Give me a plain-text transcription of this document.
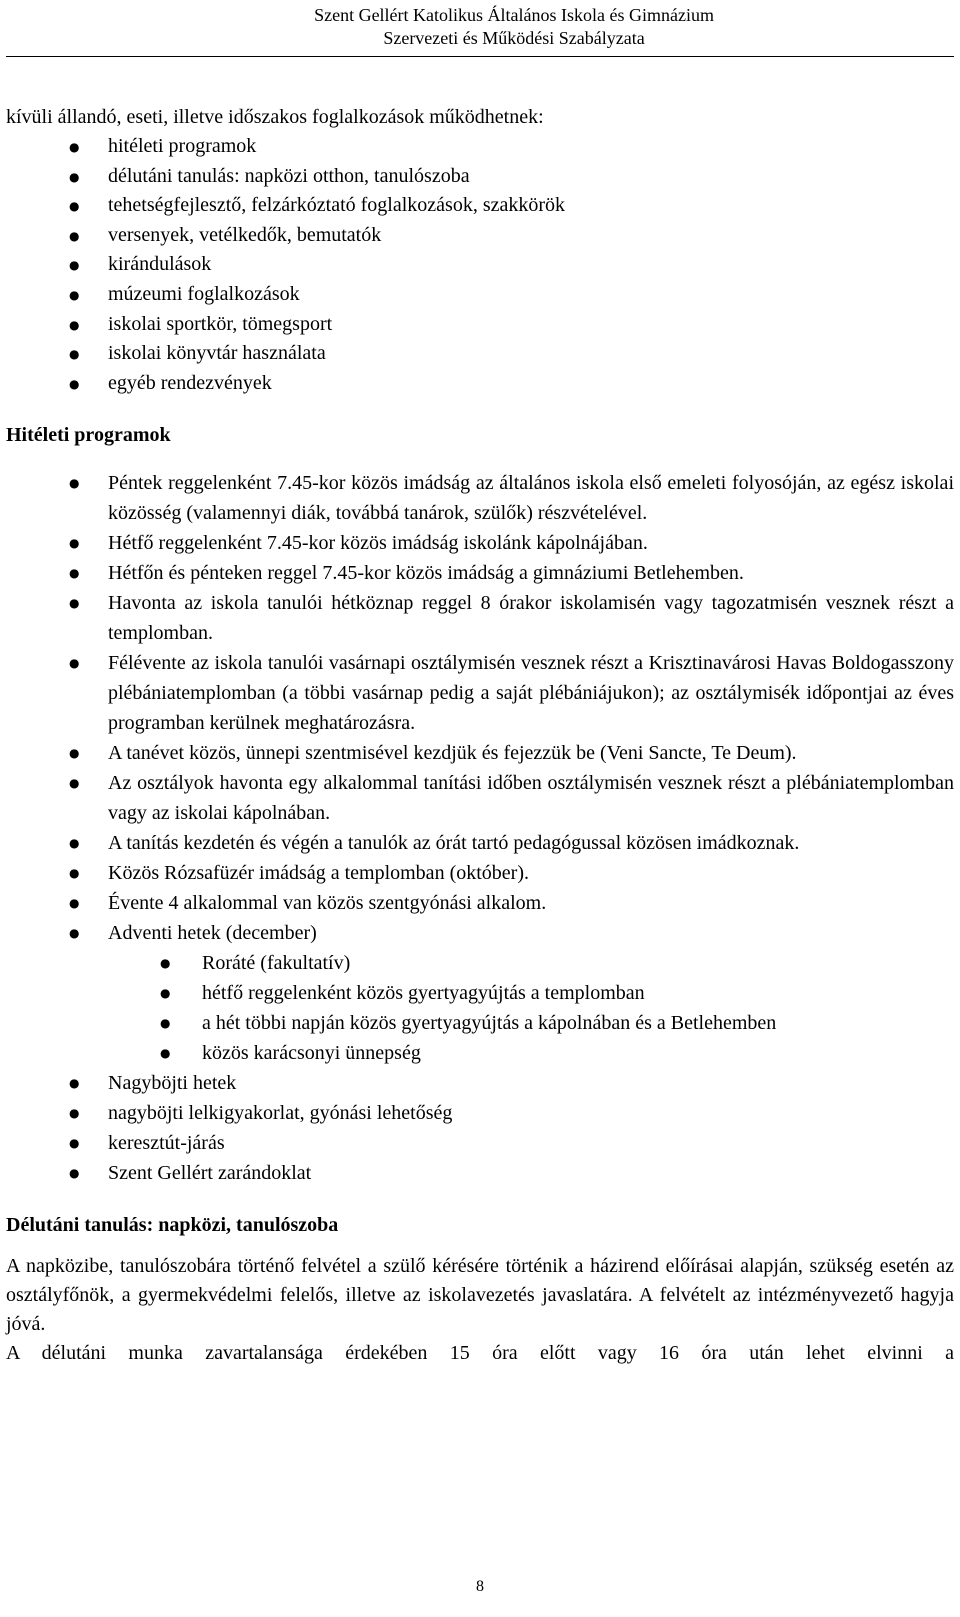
Szent Gellért Katolikus Általános Iskola és Gimnázium
Szervezeti és Működési Szabályzata

kívüli állandó, eseti, illetve időszakos foglalkozások működhetnek:

● hitéleti programok
● délutáni tanulás: napközi otthon, tanulószoba
● tehetségfejlesztő, felzárkóztató foglalkozások, szakkörök
● versenyek, vetélkedők, bemutatók
● kirándulások
● múzeumi foglalkozások
● iskolai sportkör, tömegsport
● iskolai könyvtár használata
● egyéb rendezvények
Hitéleti programok
● Péntek reggelenként 7.45-kor közös imádság az általános iskola első emeleti folyosóján, az egész iskolai közösség (valamennyi diák, továbbá tanárok, szülők) részvételével.
● Hétfő reggelenként 7.45-kor közös imádság iskolánk kápolnájában.
● Hétfőn és pénteken reggel 7.45-kor közös imádság a gimnáziumi Betlehemben.
● Havonta az iskola tanulói hétköznap reggel 8 órakor iskolamisén vagy tagozatmisén vesznek részt a templomban.
● Félévente az iskola tanulói vasárnapi osztálymisén vesznek részt a Krisztinavárosi Havas Boldogasszony plébániatemplomban (a többi vasárnap pedig a saját plébániájukon); az osztálymisék időpontjai az éves programban kerülnek meghatározásra.
● A tanévet közös, ünnepi szentmisével kezdjük és fejezzük be (Veni Sancte, Te Deum).
● Az osztályok havonta egy alkalommal tanítási időben osztálymisén vesznek részt a plébániatemplomban vagy az iskolai kápolnában.
● A tanítás kezdetén és végén a tanulók az órát tartó pedagógussal közösen imádkoznak.
● Közös Rózsafüzér imádság a templomban (október).
● Évente 4 alkalommal van közös szentgyónási alkalom.
● Adventi hetek (december)
● Roráté (fakultatív)
● hétfő reggelenként közös gyertyagyújtás a templomban
● a hét többi napján közös gyertyagyújtás a kápolnában és a Betlehemben
● közös karácsonyi ünnepség
● Nagyböjti hetek
● nagyböjti lelkigyakorlat, gyónási lehetőség
● keresztút-járás
● Szent Gellért zarándoklat
Délutáni tanulás: napközi, tanulószoba

A napközibe, tanulószobára történő felvétel a szülő kérésére történik a házirend előírásai alapján, szükség esetén az osztályfőnök, a gyermekvédelmi felelős, illetve az iskolavezetés javaslatára. A felvételt az intézményvezető hagyja jóvá.

A délutáni munka zavartalansága érdekében 15 óra előtt vagy 16 óra után lehet elvinni a

8
